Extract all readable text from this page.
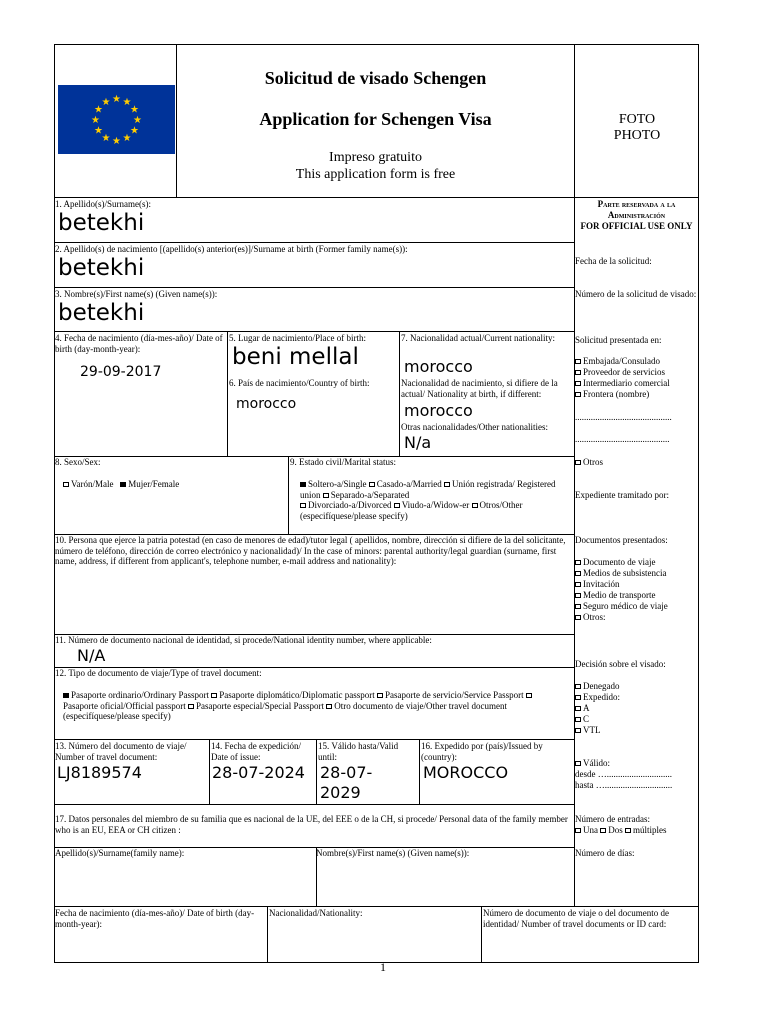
★ ★
★
★
★
★
★
★
★
★
★
★
Solicitud de visado Schengen
Application for Schengen Visa
Impreso gratuito
This application form is free
FOTO
PHOTO
1. Apellido(s)/Surname(s):
betekhi
2. Apellido(s) de nacimiento [(apellido(s) anterior(es)]/Surname at birth (Former family name(s)):
betekhi
3. Nombre(s)/First name(s) (Given name(s)):
betekhi
4. Fecha de nacimiento (día-mes-año)/ Date of birth (day-month-year):
29-09-2017
5. Lugar de nacimiento/Place of birth:
beni mellal
6. País de nacimiento/Country of birth:
morocco
7. Nacionalidad actual/Current nationality:
morocco
Nacionalidad de nacimiento, si difiere de la actual/ Nationality at birth, if different:
morocco
Otras nacionalidades/Other nationalities:
N/a
8. Sexo/Sex:
Varón/Male Mujer/Female
9. Estado civil/Marital status:
Soltero-a/Single Casado-a/Married Unión registrada/ Registered union Separado-a/Separated
Divorciado-a/Divorced Viudo-a/Widow-er Otros/Other (especifíquese/please specify)
10. Persona que ejerce la patria potestad (en caso de menores de edad)/tutor legal ( apellidos, nombre, dirección si difiere de la del solicitante, número de teléfono, dirección de correo electrónico y nacionalidad)/ In the case of minors: parental authority/legal guardian (surname, first name, address, if different from applicant's, telephone number, e-mail address and nationality):
11. Número de documento nacional de identidad, si procede/National identity number, where applicable:
N/A
12. Tipo de documento de viaje/Type of travel document:
Pasaporte ordinario/Ordinary Passport Pasaporte diplomático/Diplomatic passport Pasaporte de servicio/Service Passport Pasaporte oficial/Official passport Pasaporte especial/Special Passport Otro documento de viaje/Other travel document (especifíquese/please specify)
13. Número del documento de viaje/ Number of travel document:
LJ8189574
14. Fecha de expedición/ Date of issue:
28-07-2024
15. Válido hasta/Valid until:
28-07-2029
16. Expedido por (país)/Issued by (country):
MOROCCO
17. Datos personales del miembro de su familia que es nacional de la UE, del EEE o de la CH, si procede/ Personal data of the family member who is an EU, EEA or CH citizen :
Apellido(s)/Surname(family name):	Nombre(s)/First name(s) (Given name(s)):
Fecha de nacimiento (día-mes-año)/ Date of birth (day-month-year):
Nacionalidad/Nationality:	Número de documento de viaje o del documento de identidad/ Number of travel documents or ID card:
1
Parte reservada a la Administración
FOR OFFICIAL USE ONLY
Fecha de la solicitud:
Número de la solicitud de visado:
Solicitud presentada en:
Embajada/Consulado
Proveedor de servicios
Intermediario comercial
Frontera (nombre)
...........................................
..........................................
Otros
Expediente tramitado por:
Documentos presentados:
Documento de viaje
Medios de subsistencia
Invitación
Medio de transporte
Seguro médico de viaje
Otros:
Decisión sobre el visado:
Denegado
Expedido:
A
C
VTL
Válido:
desde ….............................
hasta …..............................
Número de entradas:
Una Dos múltiples
Número de días:
